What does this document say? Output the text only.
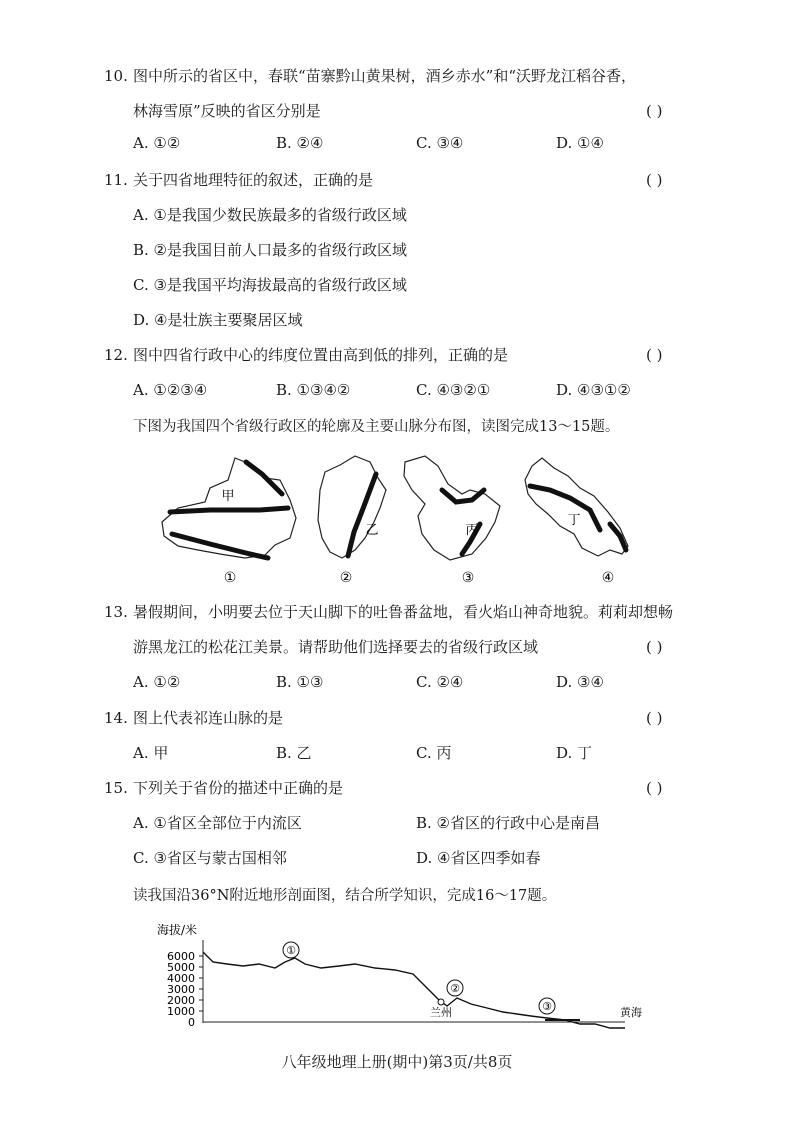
10. 图中所示的省区中，春联“苗寨黔山黄果树，酒乡赤水”和“沃野龙江稻谷香，
林海雪原”反映的省区分别是	( )
A. ①②	B. ②④	C. ③④	D. ①④
11. 关于四省地理特征的叙述，正确的是	( )
A. ①是我国少数民族最多的省级行政区域
B. ②是我国目前人口最多的省级行政区域
C. ③是我国平均海拔最高的省级行政区域
D. ④是壮族主要聚居区域
12. 图中四省行政中心的纬度位置由高到低的排列，正确的是	( )
A. ①②③④	B. ①③④②	C. ④③②①	D. ④③①②
下图为我国四个省级行政区的轮廓及主要山脉分布图，读图完成13～15题。
甲
乙	丙
丁
①	②	③	④
13. 暑假期间，小明要去位于天山脚下的吐鲁番盆地，看火焰山神奇地貌。莉莉却想畅
游黑龙江的松花江美景。请帮助他们选择要去的省级行政区域	( )
A. ①②	B. ①③	C. ②④	D. ③④
14. 图上代表祁连山脉的是	( )
A. 甲	B. 乙	C. 丙	D. 丁
15. 下列关于省份的描述中正确的是	( )
A. ①省区全部位于内流区	B. ②省区的行政中心是南昌
C. ③省区与蒙古国相邻	D. ④省区四季如春
读我国沿36°N附近地形剖面图，结合所学知识，完成16～17题。
海拔/米
6000
5000
4000
3000
2000
1000
0
①
②
兰州	③	黄海
八年级地理上册(期中)第3页/共8页
